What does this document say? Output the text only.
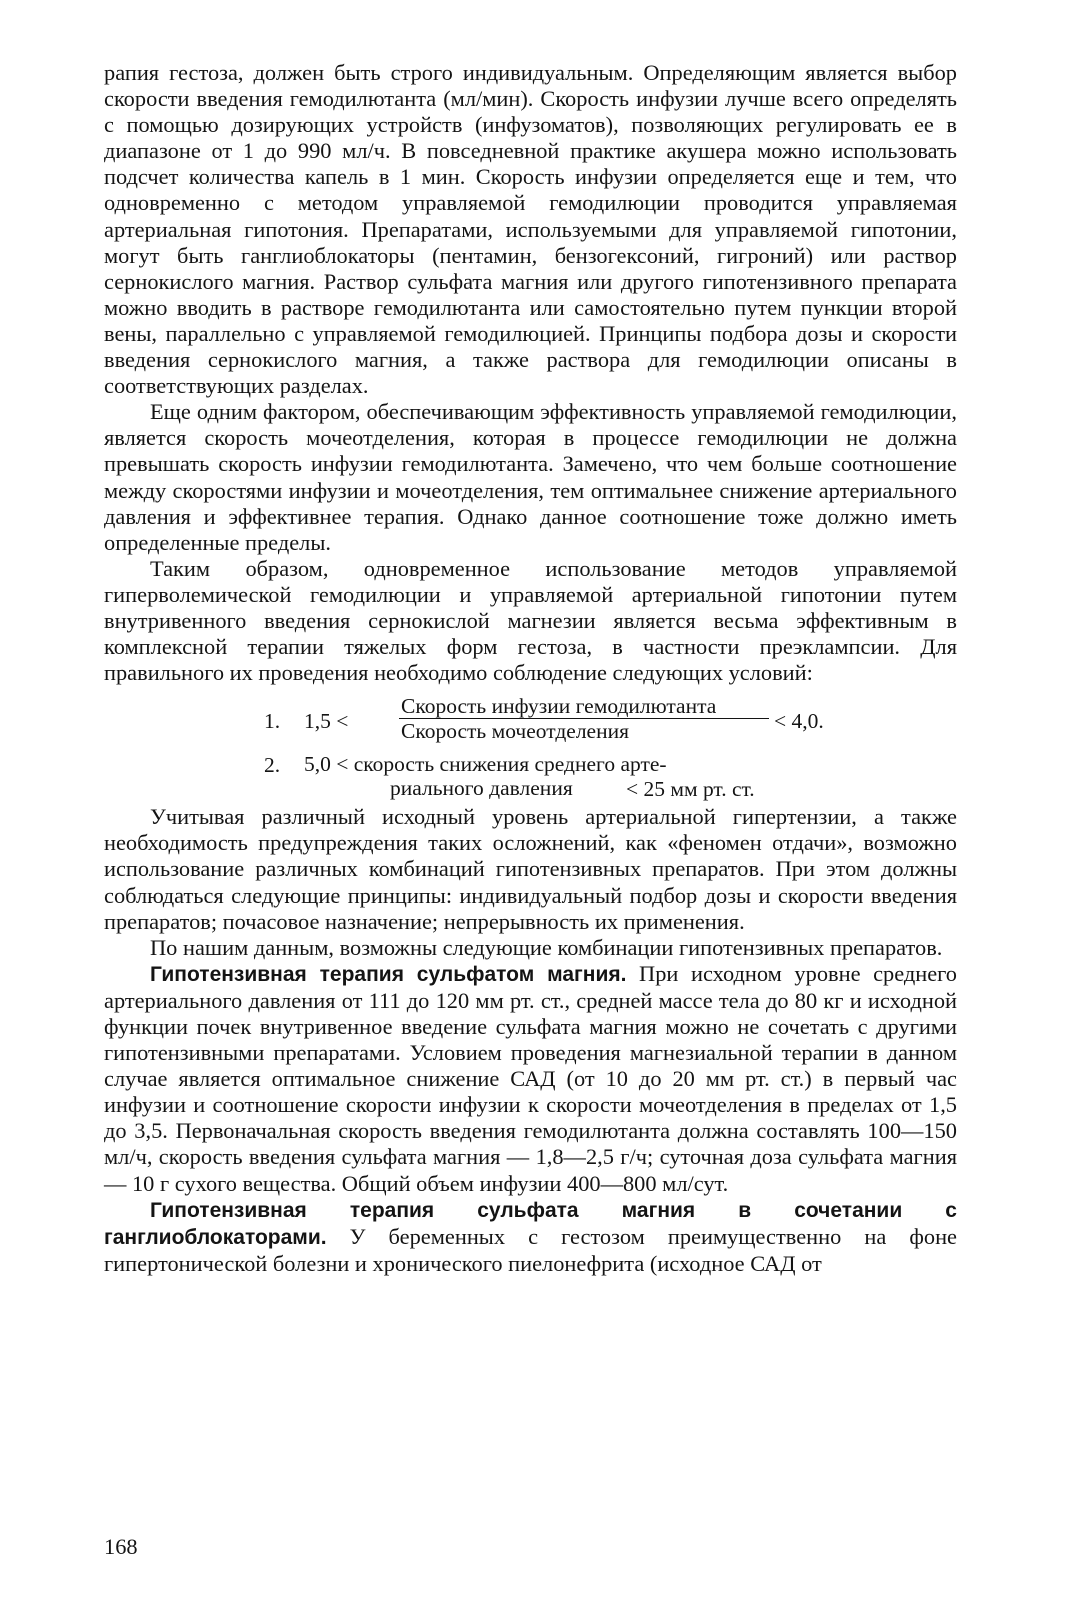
рапия гестоза, должен быть строго индивидуальным. Определяющим является выбор скорости введения гемодилютанта (мл/мин). Скорость инфузии лучше всего определять с помощью дозирующих устройств (инфузоматов), позволяющих регулировать ее в диапазоне от 1 до 990 мл/ч. В повседневной практике акушера можно использовать подсчет количества капель в 1 мин. Скорость инфузии определяется еще и тем, что одновременно с методом управляемой гемодилюции проводится управляемая артериальная гипотония. Препаратами, используемыми для управляемой гипотонии, могут быть ганглиоблокаторы (пентамин, бензогексоний, гигроний) или раствор сернокислого магния. Раствор сульфата магния или другого гипотензивного препарата можно вводить в растворе гемодилютанта или самостоятельно путем пункции второй вены, параллельно с управляемой гемодилюцией. Принципы подбора дозы и скорости введения сернокислого магния, а также раствора для гемодилюции описаны в соответствующих разделах.

Еще одним фактором, обеспечивающим эффективность управляемой гемодилюции, является скорость мочеотделения, которая в процессе гемодилюции не должна превышать скорость инфузии гемодилютанта. Замечено, что чем больше соотношение между скоростями инфузии и мочеотделения, тем оптимальнее снижение артериального давления и эффективнее терапия. Однако данное соотношение тоже должно иметь определенные пределы.

Таким образом, одновременное использование методов управляемой гиперволемической гемодилюции и управляемой артериальной гипотонии путем внутривенного введения сернокислой магнезии является весьма эффективным в комплексной терапии тяжелых форм гестоза, в частности преэклампсии. Для правильного их проведения необходимо соблюдение следующих условий:

1. 1,5 <
Скорость инфузии гемодилютанта
Скорость мочеотделения	< 4,0.
2. 5,0 < скорость снижения среднего арте-
риального давления	< 25 мм рт. ст.

Учитывая различный исходный уровень артериальной гипертензии, а также необходимость предупреждения таких осложнений, как «феномен отдачи», возможно использование различных комбинаций гипотензивных препаратов. При этом должны соблюдаться следующие принципы: индивидуальный подбор дозы и скорости введения препаратов; почасовое назначение; непрерывность их применения.

По нашим данным, возможны следующие комбинации гипотензивных препаратов.

Гипотензивная терапия сульфатом магния. При исходном уровне среднего артериального давления от 111 до 120 мм рт. ст., средней массе тела до 80 кг и исходной функции почек внутривенное введение сульфата магния можно не сочетать с другими гипотензивными препаратами. Условием проведения магнезиальной терапии в данном случае является оптимальное снижение САД (от 10 до 20 мм рт. ст.) в первый час инфузии и соотношение скорости инфузии к скорости мочеотделения в пределах от 1,5 до 3,5. Первоначальная скорость введения гемодилютанта должна составлять 100—150 мл/ч, скорость введения сульфата магния — 1,8—2,5 г/ч; суточная доза сульфата магния — 10 г сухого вещества. Общий объем инфузии 400—800 мл/сут.

Гипотензивная терапия сульфата магния в сочетании с ганглиоблокаторами. У беременных с гестозом преимущественно на фоне гипертонической болезни и хронического пиелонефрита (исходное САД от

168
